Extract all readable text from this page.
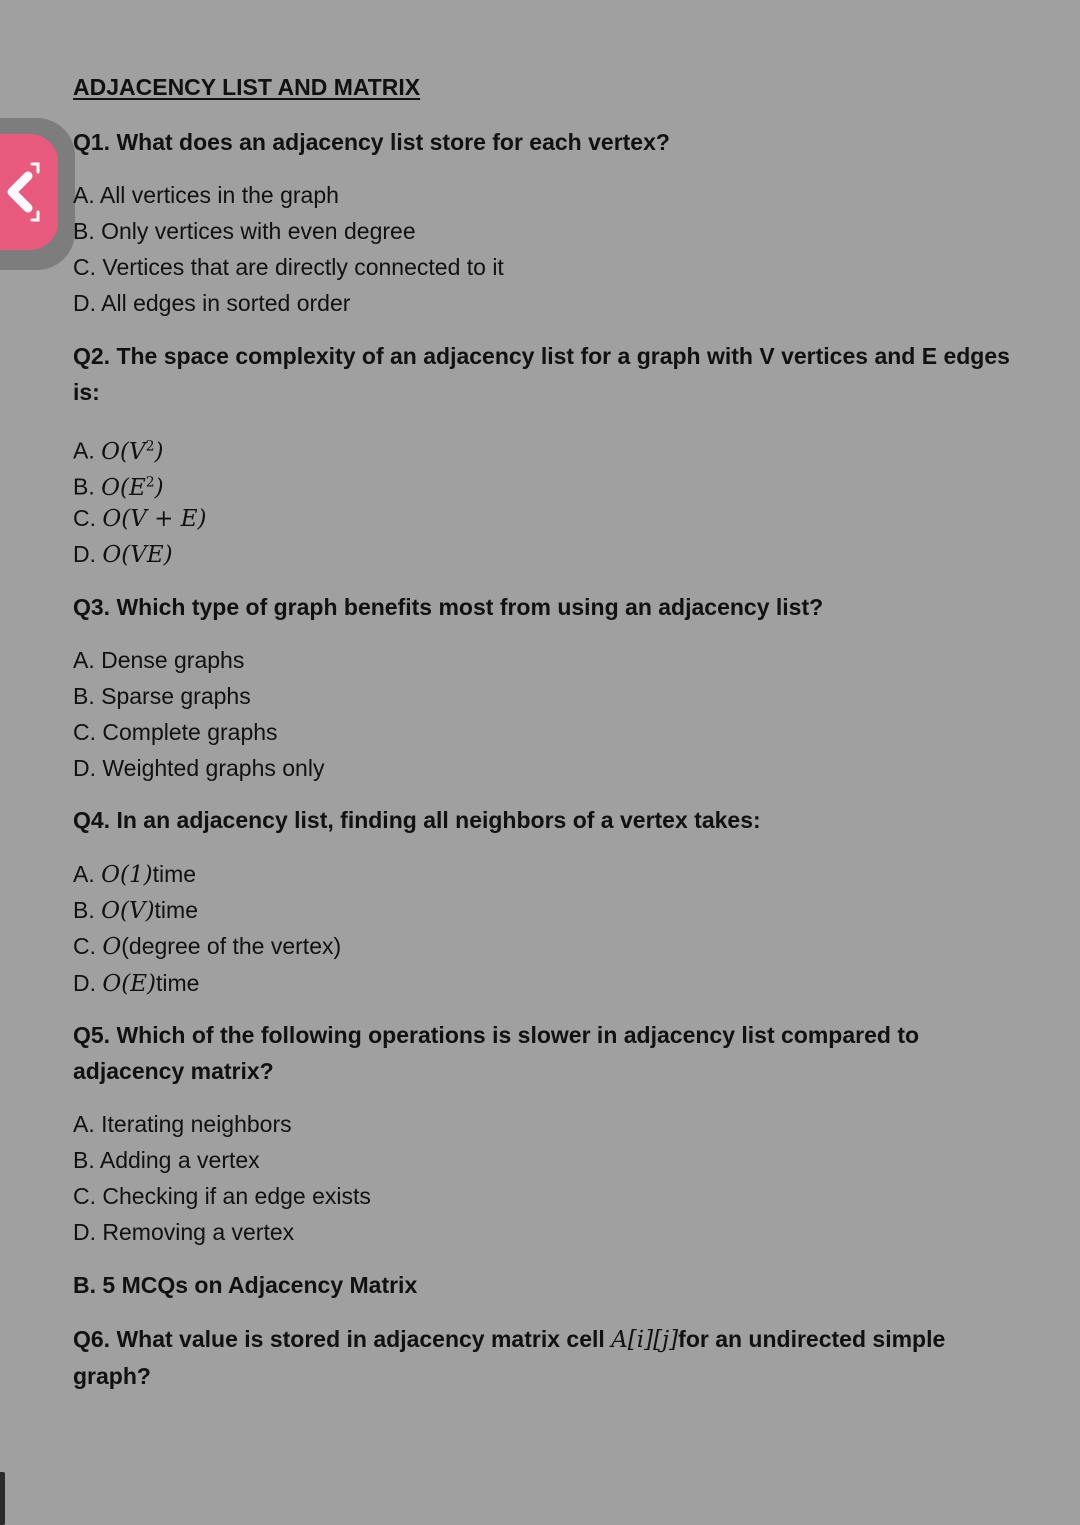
ADJACENCY LIST AND MATRIX
Q1. What does an adjacency list store for each vertex?
A. All vertices in the graph
B. Only vertices with even degree
C. Vertices that are directly connected to it
D. All edges in sorted order
Q2. The space complexity of an adjacency list for a graph with V vertices and E edges
is:
A. $O(V^2)$
B. $O(E^2)$
C. O(V + E)
D. O(VE)
Q3. Which type of graph benefits most from using an adjacency list?
A. Dense graphs
B. Sparse graphs
C. Complete graphs
D. Weighted graphs only
Q4. In an adjacency list, finding all neighbors of a vertex takes:
A. O(1)time
B. O(V)time
C. O(degree of the vertex)
D. O(E)time
Q5. Which of the following operations is slower in adjacency list compared to
adjacency matrix?
A. Iterating neighbors
B. Adding a vertex
C. Checking if an edge exists
D. Removing a vertex
B. 5 MCQs on Adjacency Matrix
Q6. What value is stored in adjacency matrix cell A[i][j]for an undirected simple
graph?
